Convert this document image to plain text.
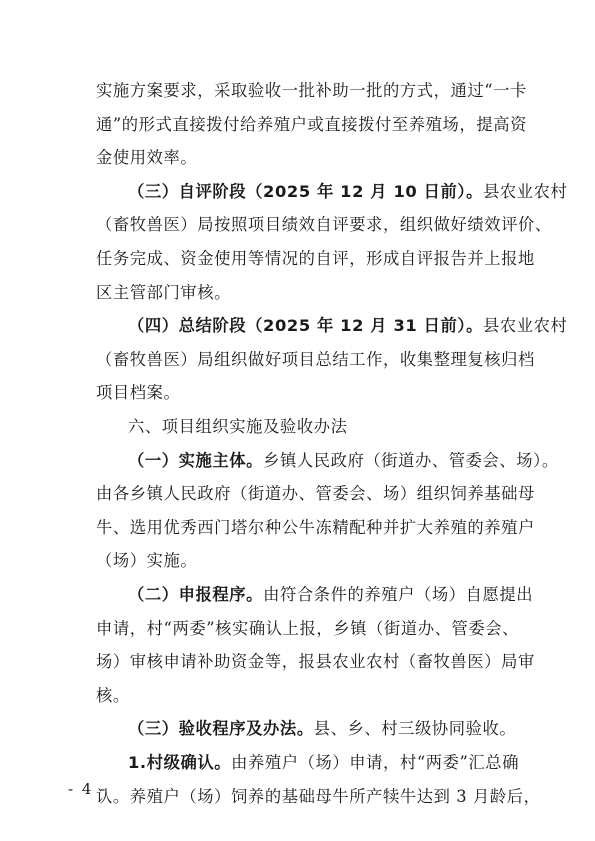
实施方案要求，采取验收一批补助一批的方式，通过“一卡
通”的形式直接拨付给养殖户或直接拨付至养殖场，提高资
金使用效率。
（三）自评阶段（2025 年 12 月 10 日前）。县农业农村
（畜牧兽医）局按照项目绩效自评要求，组织做好绩效评价、
任务完成、资金使用等情况的自评，形成自评报告并上报地
区主管部门审核。
（四）总结阶段（2025 年 12 月 31 日前）。县农业农村
（畜牧兽医）局组织做好项目总结工作，收集整理复核归档
项目档案。
六、项目组织实施及验收办法
（一）实施主体。乡镇人民政府（街道办、管委会、场）。
由各乡镇人民政府（街道办、管委会、场）组织饲养基础母
牛、选用优秀西门塔尔种公牛冻精配种并扩大养殖的养殖户
（场）实施。
（二）申报程序。由符合条件的养殖户（场）自愿提出
申请，村“两委”核实确认上报，乡镇（街道办、管委会、
场）审核申请补助资金等，报县农业农村（畜牧兽医）局审
核。
（三）验收程序及办法。县、乡、村三级协同验收。
1.村级确认。由养殖户（场）申请，村“两委”汇总确
认。养殖户（场）饲养的基础母牛所产犊牛达到 3 月龄后，
- 4 -
